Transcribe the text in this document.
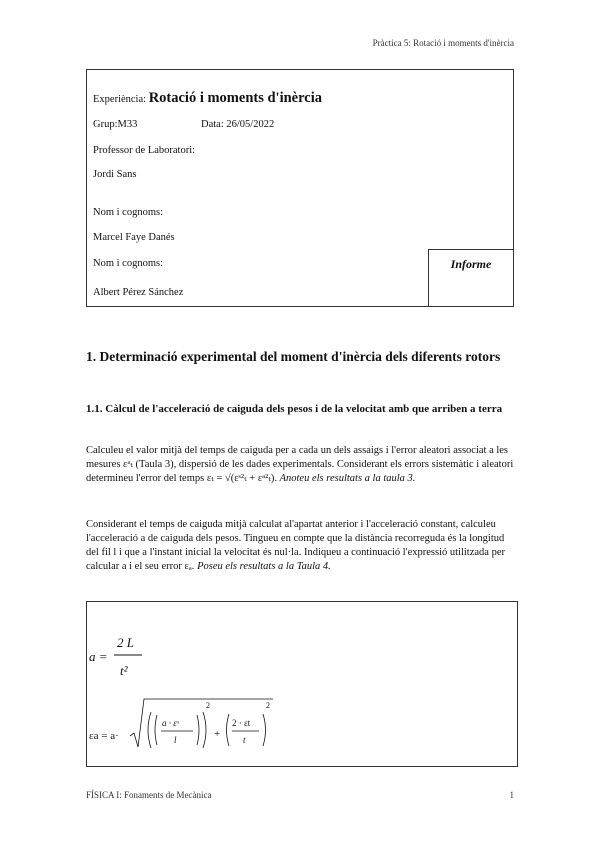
Pràctica 5: Rotació i moments d'inèrcia
Experiència: Rotació i moments d'inèrcia
Grup:M33	Data: 26/05/2022
Professor de Laboratori:
Jordi Sans
Nom i cognoms:
Marcel Faye Danés
Nom i cognoms:
Albert Pérez Sánchez
Informe
1. Determinació experimental del moment d'inèrcia dels diferents rotors
1.1. Càlcul de l'acceleració de caiguda dels pesos i de la velocitat amb que arriben a terra

Calculeu el valor mitjà del temps de caiguda per a cada un dels assaigs i l'error aleatori associat a les mesures εᵃₜ (Taula 3), dispersió de les dades experimentals. Considerant els errors sistemàtic i aleatori determineu l'error del temps εₜ = √(εˢ²ₜ + εᵃ²ₜ). Anoteu els resultats a la taula 3.

Considerant el temps de caiguda mitjà calculat al'apartat anterior i l'acceleració constant, calculeu l'acceleració a de caiguda dels pesos. Tingueu en compte que la distància recorreguda és la longitud del fil l i que a l'instant inicial la velocitat és nul·la. Indiqueu a continuació l'expressió utilitzada per calcular a i el seu error εₐ. Poseu els resultats a la Taula 4.

a =
2 L
t²
εa = a·
a · εˢ
l
2
+
2 · εt
t
2
FÍSICA I: Fonaments de Mecànica	1
